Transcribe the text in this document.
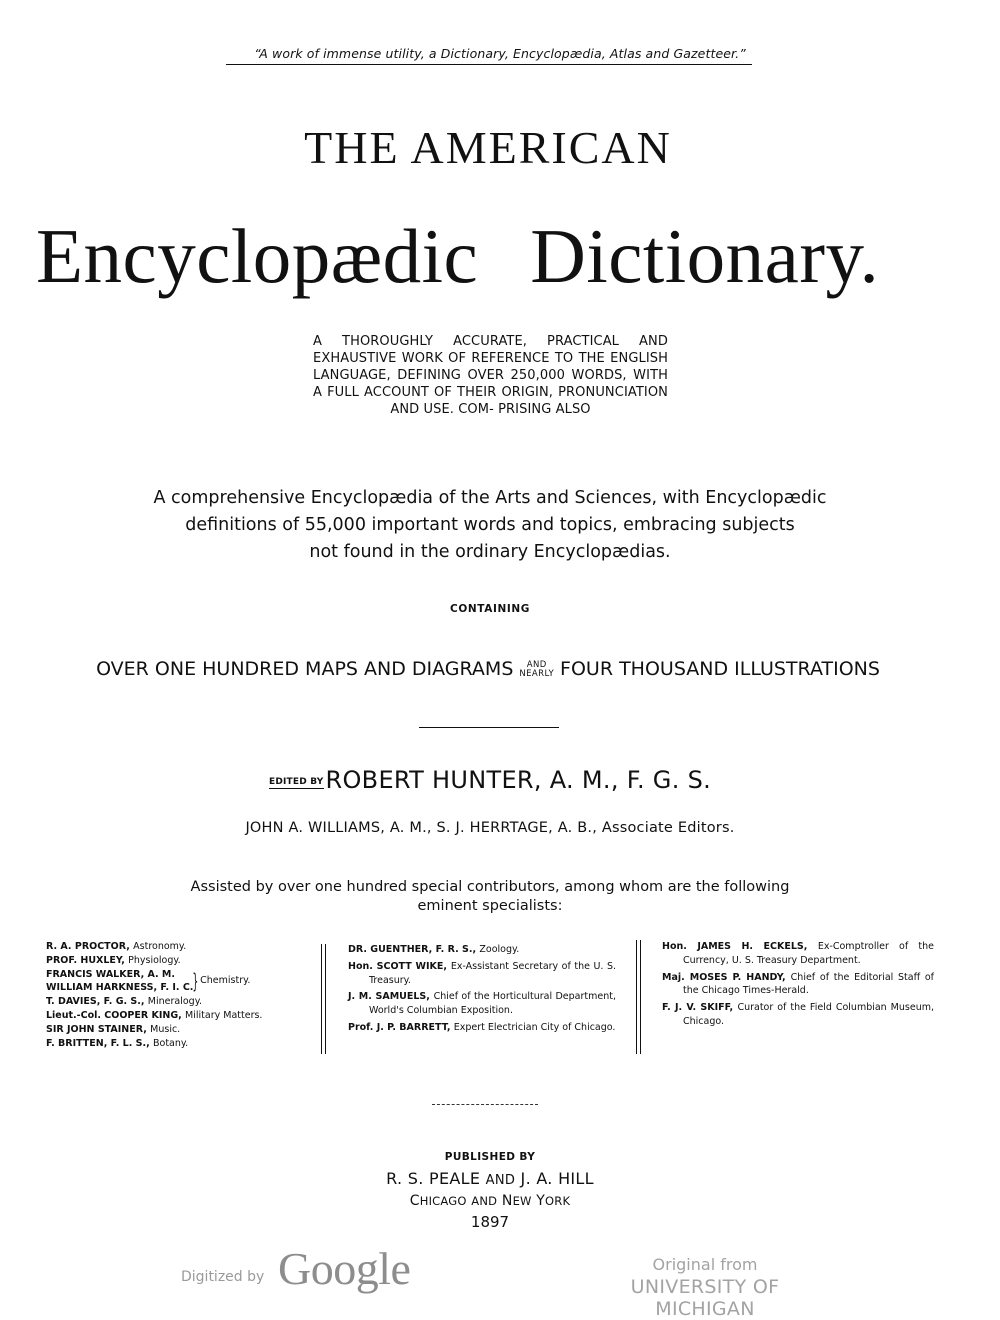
“A work of immense utility, a Dictionary, Encyclopædia, Atlas and Gazetteer.”
THE AMERICAN
Encyclopædic Dictionary.
A THOROUGHLY ACCURATE, PRACTICAL AND EXHAUSTIVE WORK OF REFERENCE TO THE ENGLISH LANGUAGE, DEFINING OVER 250,000 WORDS, WITH A FULL ACCOUNT OF THEIR ORIGIN, PRONUNCIATION AND USE. COM- PRISING ALSO
A comprehensive Encyclopædia of the Arts and Sciences, with Encyclopædic
definitions of 55,000 important words and topics, embracing subjects
not found in the ordinary Encyclopædias.
CONTAINING
OVER ONE HUNDRED MAPS AND DIAGRAMS	AND
NEARLY FOUR THOUSAND ILLUSTRATIONS
EDITED BYROBERT HUNTER, A. M., F. G. S.
JOHN A. WILLIAMS, A. M., S. J. HERRTAGE, A. B., Associate Editors.
Assisted by over one hundred special contributors, among whom are the following
eminent specialists:
R. A. PROCTOR, Astronomy.
PROF. HUXLEY, Physiology.
FRANCIS WALKER, A. M.
WILLIAM HARKNESS, F. I. C. } Chemistry.
T. DAVIES, F. G. S., Mineralogy.
Lieut.-Col. COOPER KING, Military Matters.
SIR JOHN STAINER, Music.
F. BRITTEN, F. L. S., Botany.
DR. GUENTHER, F. R. S., Zoology.
Hon. SCOTT WIKE, Ex-Assistant Secretary of the U. S. Treasury.
J. M. SAMUELS, Chief of the Horticultural Department, World's Columbian Exposition.
Prof. J. P. BARRETT, Expert Electrician City of Chicago.
Hon. JAMES H. ECKELS, Ex-Comptroller of the Currency, U. S. Treasury Department.
Maj. MOSES P. HANDY, Chief of the Editorial Staff of the Chicago Times-Herald.
F. J. V. SKIFF, Curator of the Field Columbian Museum, Chicago.
PUBLISHED BY
R. S. PEALE AND J. A. HILL
CHICAGO AND NEW YORK
1897
Digitized by Google	Original from
UNIVERSITY OF MICHIGAN
